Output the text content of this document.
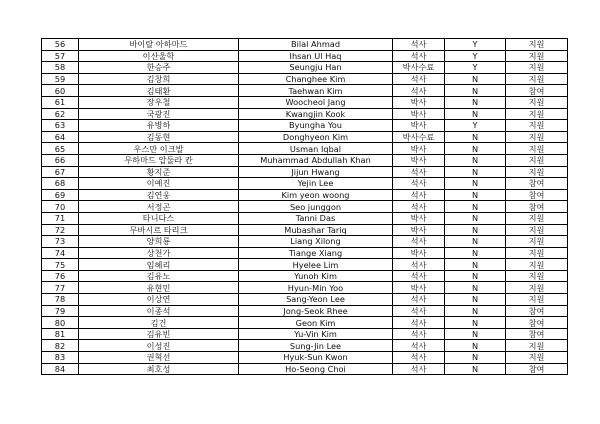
56	바이랄 아하마드	Bilal Ahmad	석사	Y	지원
57	이산울학	Ihsan Ul Haq	석사	Y	지원
58	한승주	Seungju Han	박사수료	Y	지원
59	김창희	Changhee Kim	석사	N	지원
60	김태환	Taehwan Kim	석사	N	참여
61	장우철	Woocheol Jang	박사	N	지원
62	국광진	Kwangjin Kook	박사	N	지원
63	유병하	Byungha You	박사	Y	지원
64	김동현	Donghyeon Kim	박사수료	N	지원
65	우스만 이크발	Usman Iqbal	박사	N	지원
66	무하마드 압둘라 칸	Muhammad Abdullah Khan	박사	N	지원
67	황지준	Jijun Hwang	석사	N	지원
68	이예진	Yejin Lee	석사	N	참여
69	김연웅	Kim yeon woong	석사	N	참여
70	서정곤	Seo junggon	석사	N	참여
71	타니다스	Tanni Das	박사	N	지원
72	무바시르 타리크	Mubashar Tariq	박사	N	지원
73	양희룡	Liang Xilong	석사	N	지원
74	상천가	Tiange Xiang	박사	N	지원
75	임혜리	Hyelee Lim	석사	N	지원
76	김유노	Yunoh Kim	석사	N	지원
77	유현민	Hyun-Min Yoo	박사	N	지원
78	이상연	Sang-Yeon Lee	석사	N	지원
79	이종석	Jong-Seok Rhee	석사	N	참여
80	김건	Geon Kim	석사	N	참여
81	김유빈	Yu-Vin Kim	석사	N	참여
82	이성진	Sung-Jin Lee	석사	N	지원
83	권혁선	Hyuk-Sun Kwon	석사	N	지원
84	최호성	Ho-Seong Choi	석사	N	참여
